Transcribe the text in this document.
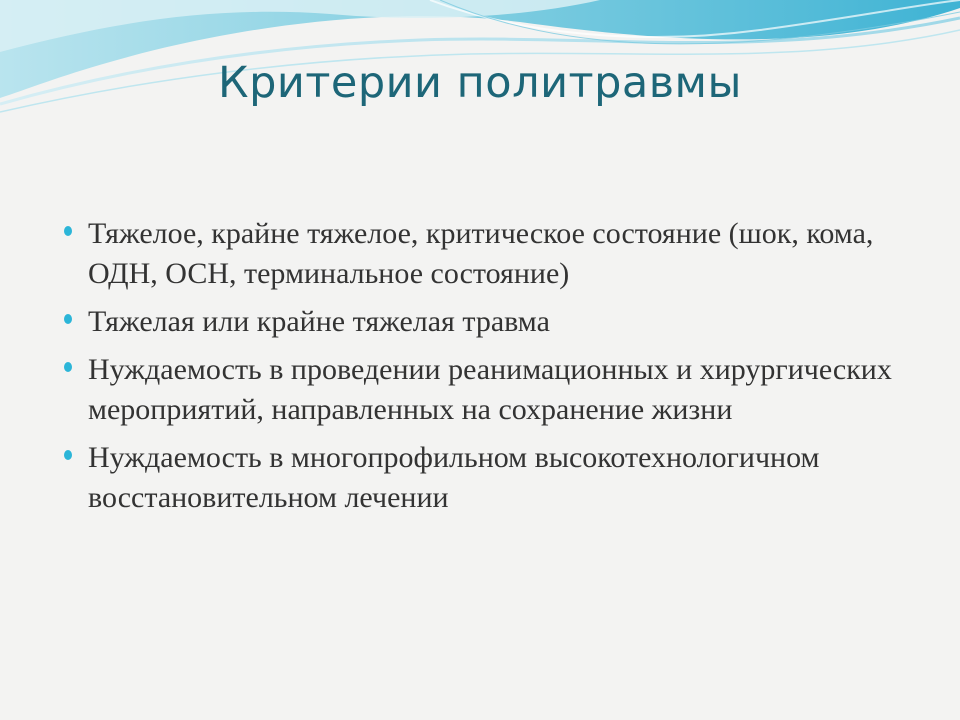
Критерии политравмы
Тяжелое, крайне тяжелое, критическое состояние (шок, кома, ОДН, ОСН, терминальное состояние)
Тяжелая или крайне тяжелая травма
Нуждаемость в проведении реанимационных и хирургических мероприятий, направленных на сохранение жизни
Нуждаемость в многопрофильном высокотехнологичном восстановительном лечении
